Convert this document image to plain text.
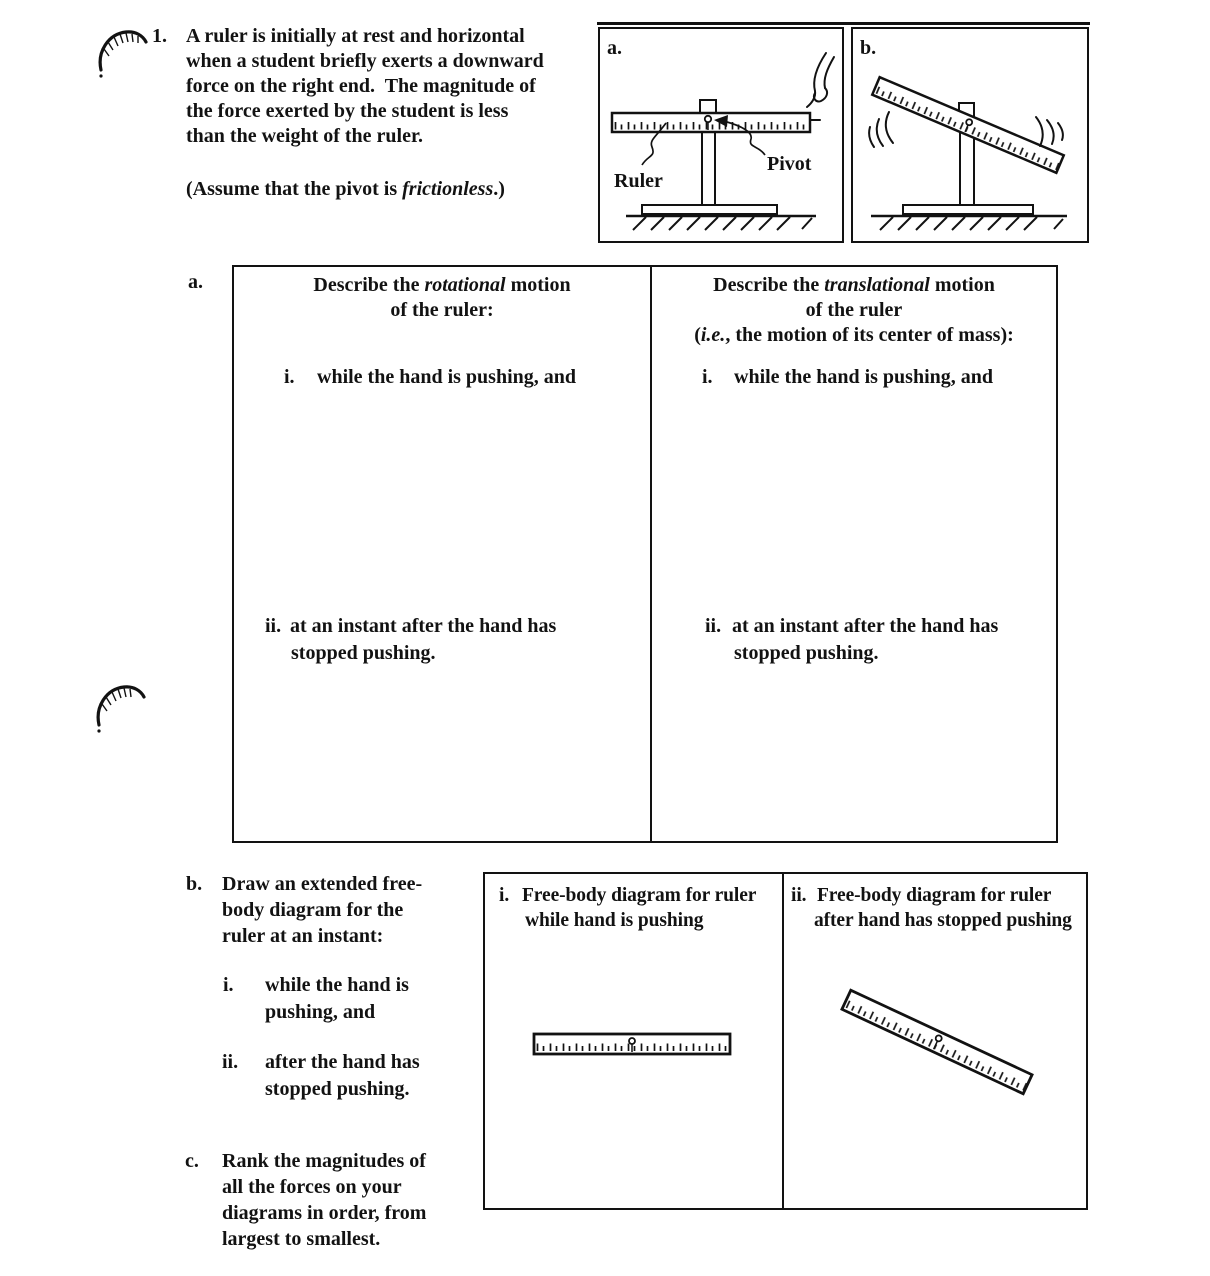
1. A ruler is initially at rest and horizontal
when a student briefly exerts a downward
force on the right end.  The magnitude of
the force exerted by the student is less
than the weight of the ruler.
(Assume that the pivot is frictionless.)
a.
Ruler
Pivot
b.
a.	Describe the rotational motion
of the ruler:
i. while the hand is pushing, and
ii. at an instant after the hand has
stopped pushing.
Describe the translational motion
of the ruler
(i.e., the motion of its center of mass):
i. while the hand is pushing, and
ii. at an instant after the hand has
stopped pushing.
b. Draw an extended free-
body diagram for the
ruler at an instant:
i. while the hand is
pushing, and
ii. after the hand has
stopped pushing.
c. Rank the magnitudes of
all the forces on your
diagrams in order, from
largest to smallest.
i. Free-body diagram for ruler
while hand is pushing
ii. Free-body diagram for ruler
after hand has stopped pushing
